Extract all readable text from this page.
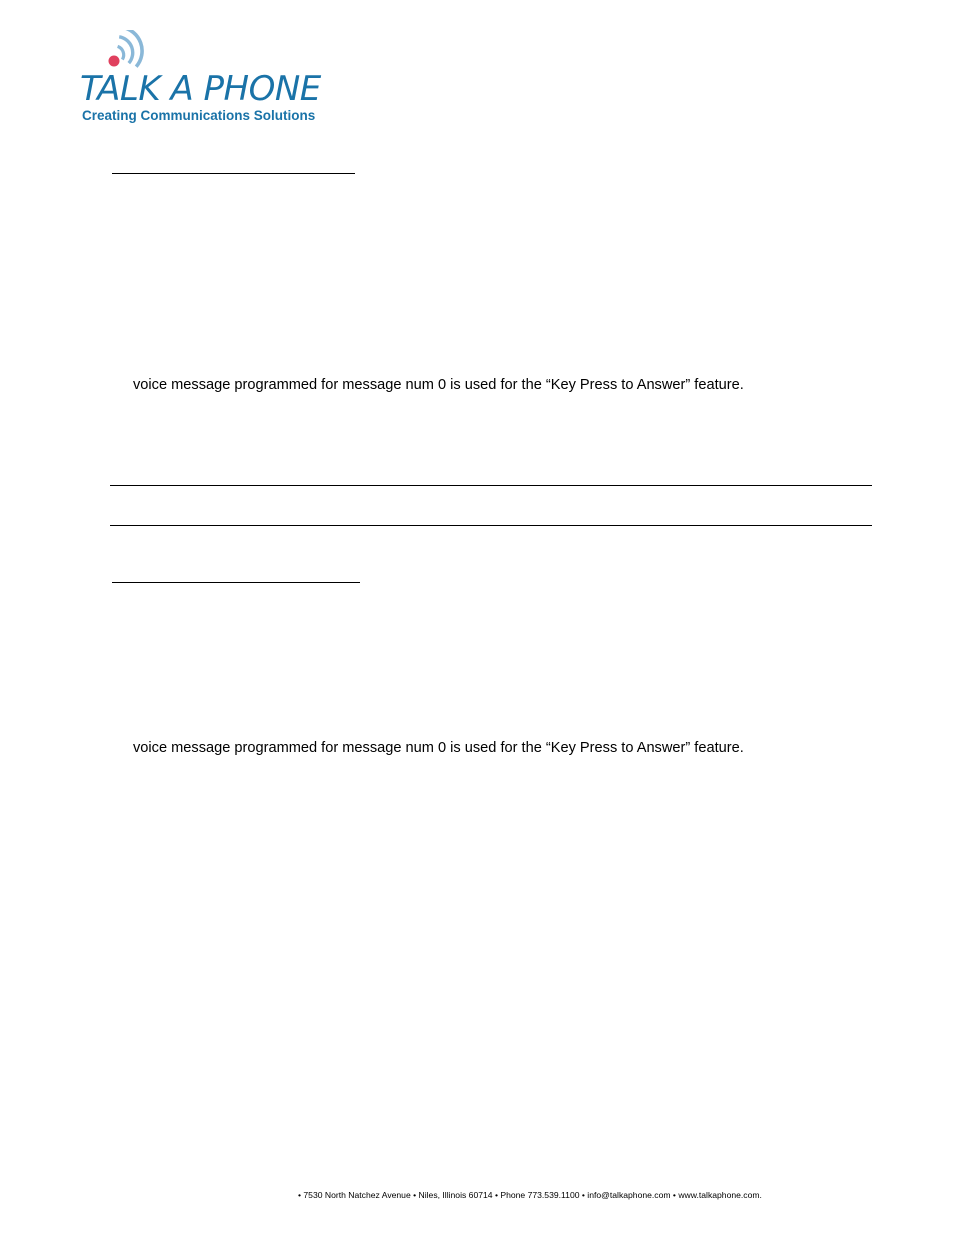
TALK A PHONE
Creating Communications Solutions
voice message programmed for message num 0 is used for the “Key Press to Answer” feature.
voice message programmed for message num 0 is used for the “Key Press to Answer” feature.
• 7530 North Natchez Avenue • Niles, Illinois 60714 • Phone 773.539.1100 • info@talkaphone.com • www.talkaphone.com.
